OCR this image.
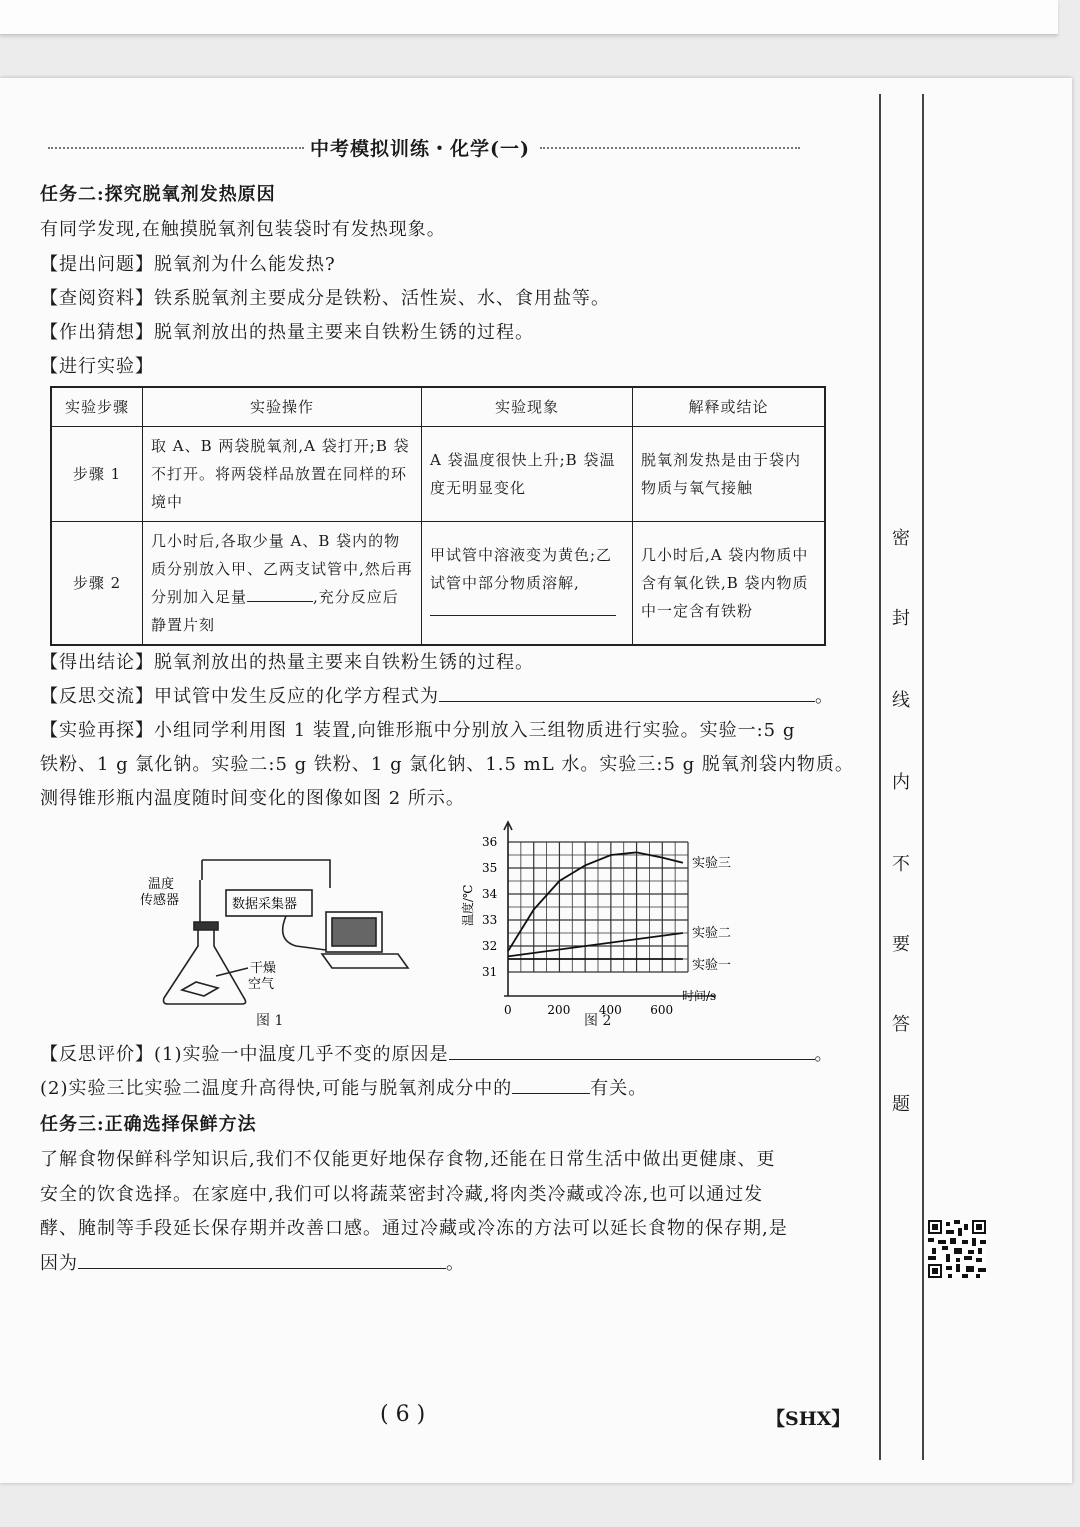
中考模拟训练・化学(一)
任务二:探究脱氧剂发热原因
有同学发现,在触摸脱氧剂包装袋时有发热现象。
【提出问题】脱氧剂为什么能发热?
【查阅资料】铁系脱氧剂主要成分是铁粉、活性炭、水、食用盐等。
【作出猜想】脱氧剂放出的热量主要来自铁粉生锈的过程。
【进行实验】
实验步骤	实验操作	实验现象	解释或结论
步骤 1	取 A、B 两袋脱氧剂,A 袋打开;B 袋不打开。将两袋样品放置在同样的环境中	A 袋温度很快上升;B 袋温度无明显变化	脱氧剂发热是由于袋内物质与氧气接触
步骤 2	几小时后,各取少量 A、B 袋内的物质分别放入甲、乙两支试管中,然后再分别加入足量 ,充分反应后静置片刻	甲试管中溶液变为黄色;乙试管中部分物质溶解,	几小时后,A 袋内物质中含有氧化铁,B 袋内物质中一定含有铁粉
【得出结论】脱氧剂放出的热量主要来自铁粉生锈的过程。
【反思交流】甲试管中发生反应的化学方程式为	。
【实验再探】小组同学利用图 1 装置,向锥形瓶中分别放入三组物质进行实验。实验一:5 g
铁粉、1 g 氯化钠。实验二:5 g 铁粉、1 g 氯化钠、1.5 mL 水。实验三:5 g 脱氧剂袋内物质。
测得锥形瓶内温度随时间变化的图像如图 2 所示。
温度
传感器	数据采集器
干燥
空气
图 1
实验三
实验二
实验一
31
32
33
34
35
36
0	200 400 600
温度/℃
时间/s
图 2
【反思评价】(1)实验一中温度几乎不变的原因是	。
(2)实验三比实验二温度升高得快,可能与脱氧剂成分中的	有关。
任务三:正确选择保鲜方法
了解食物保鲜科学知识后,我们不仅能更好地保存食物,还能在日常生活中做出更健康、更
安全的饮食选择。在家庭中,我们可以将蔬菜密封冷藏,将肉类冷藏或冷冻,也可以通过发
酵、腌制等手段延长保存期并改善口感。通过冷藏或冷冻的方法可以延长食物的保存期,是
因为	。
密
封
线
内
不
要
答
题
( 6 )	【SHX】
